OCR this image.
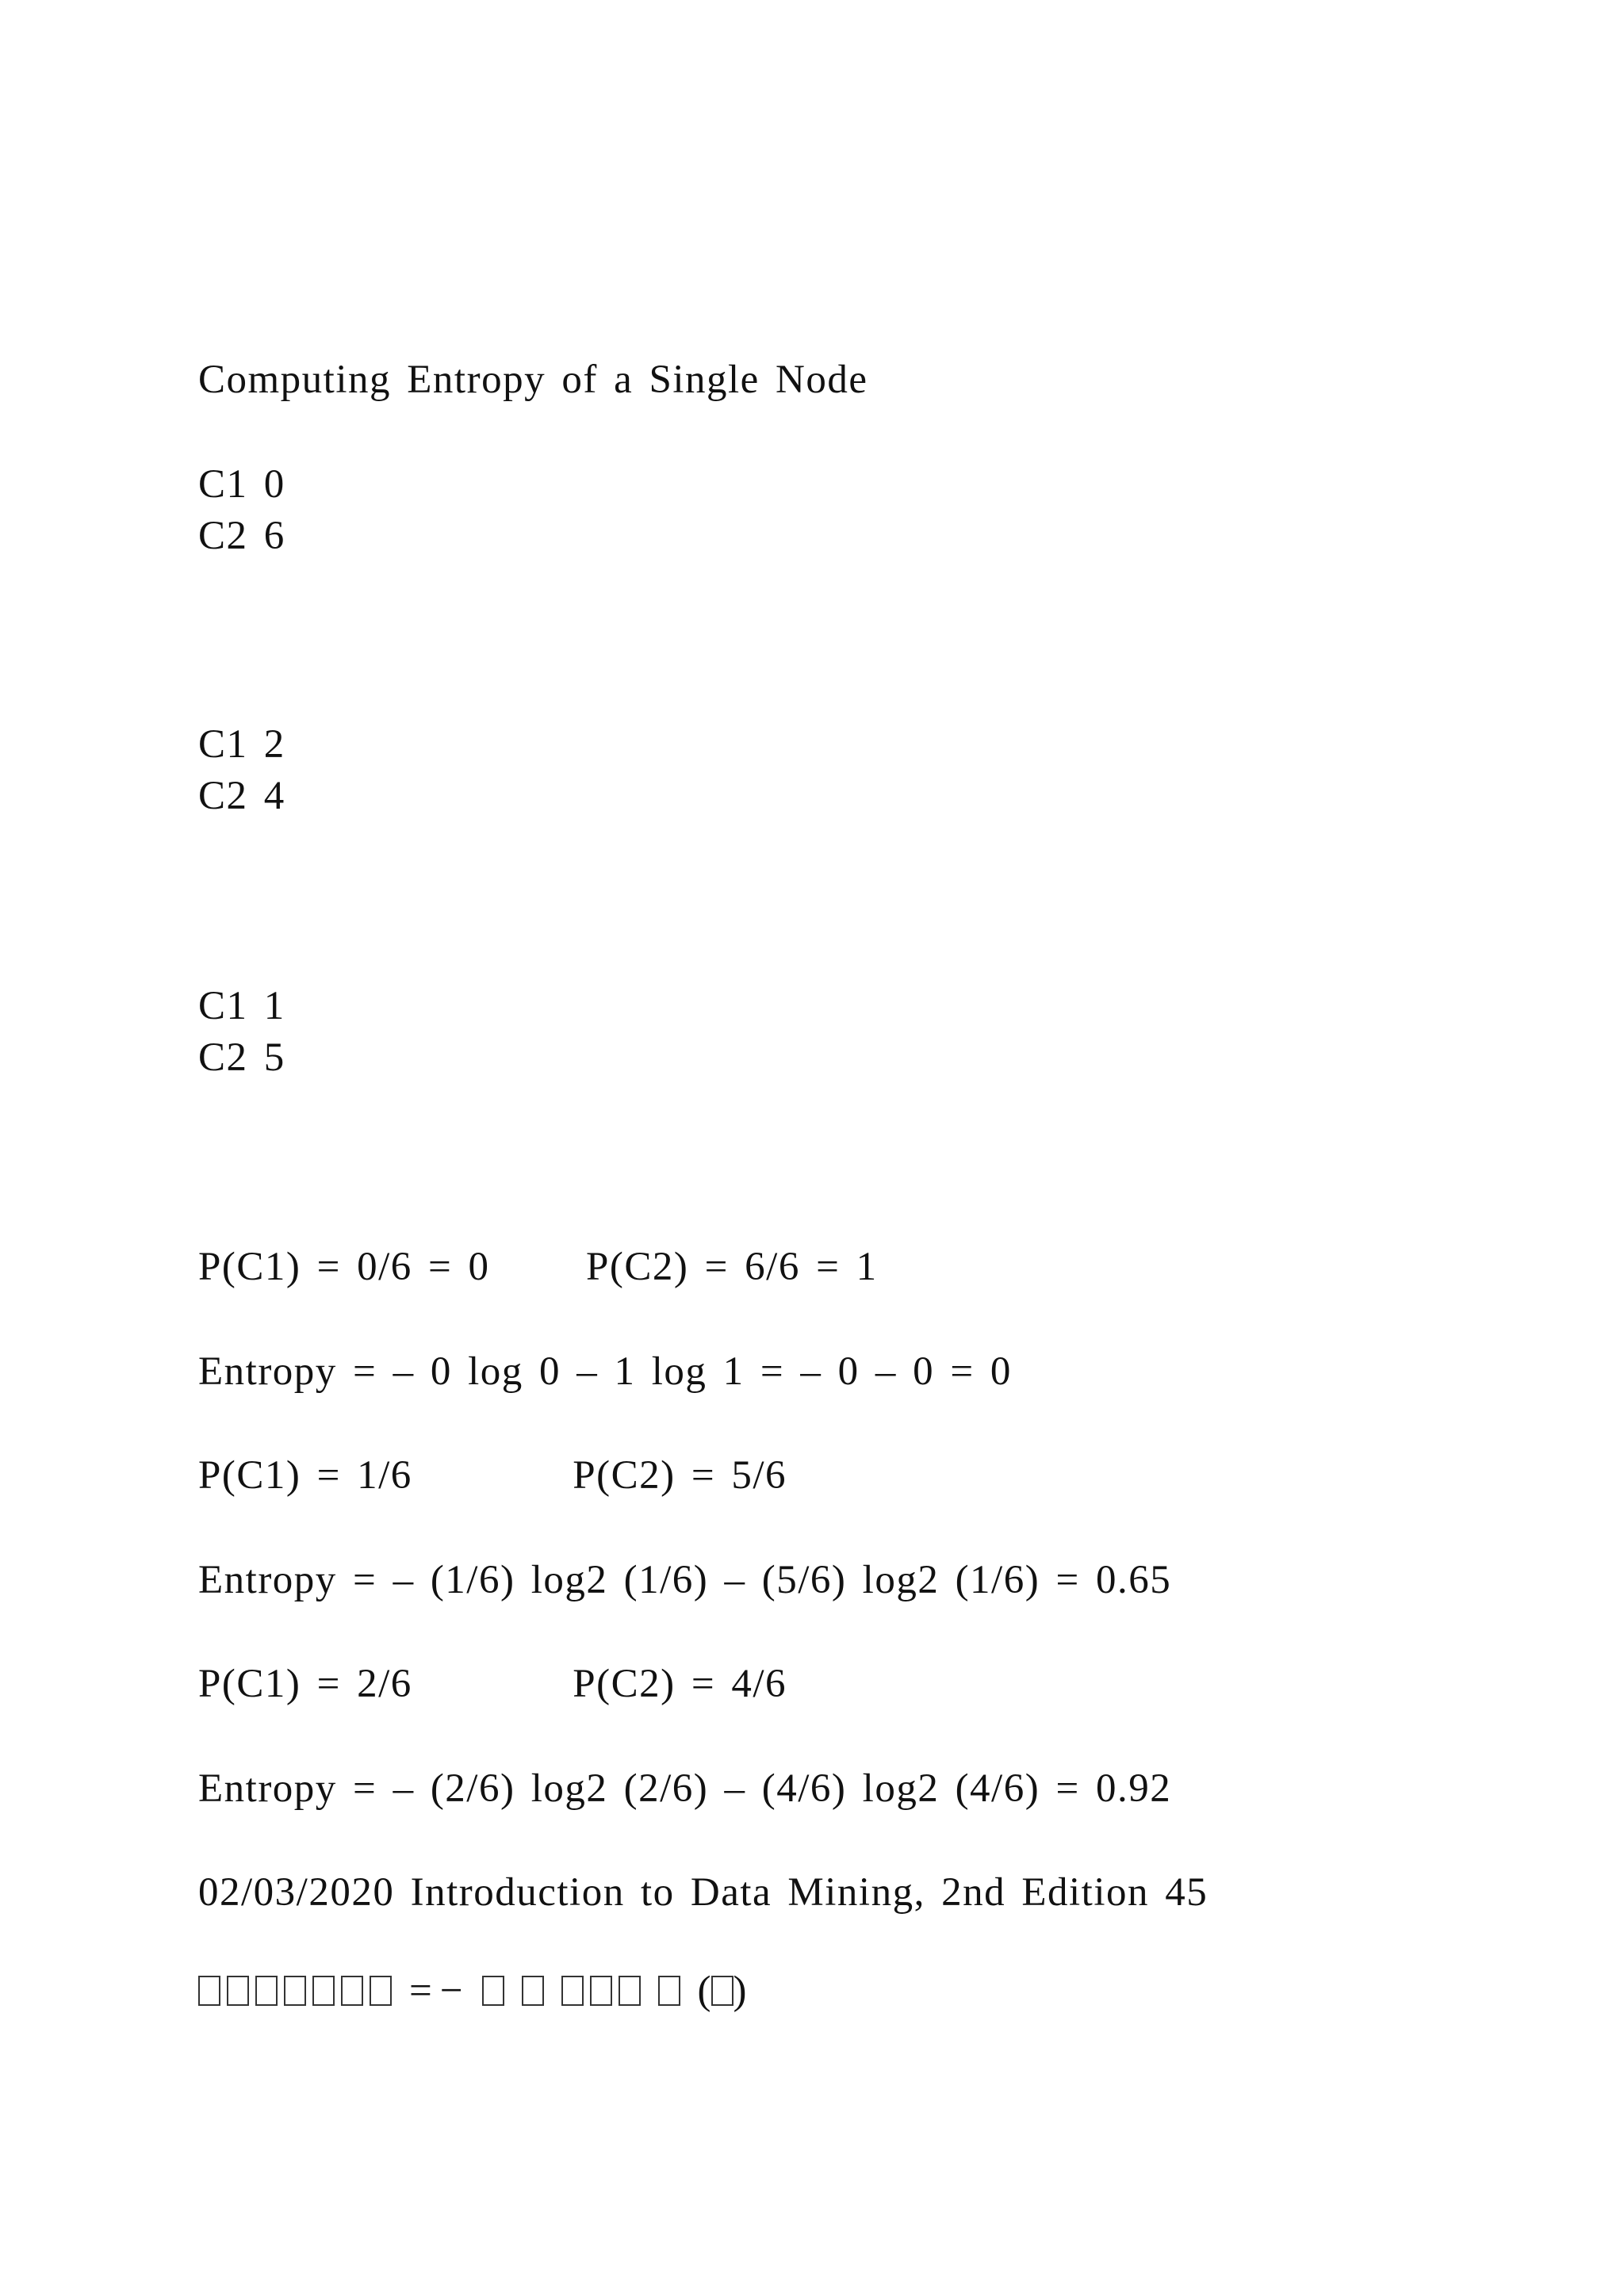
Computing Entropy of a Single Node
C1 0
C2 6
C1 2
C2 4
C1 1
C2 5
P(C1) = 0/6 = 0      P(C2) = 6/6 = 1
Entropy = – 0 log 0 – 1 log 1 = – 0 – 0 = 0
P(C1) = 1/6          P(C2) = 5/6
Entropy = – (1/6) log2 (1/6) – (5/6) log2 (1/6) = 0.65
P(C1) = 2/6          P(C2) = 4/6
Entropy = – (2/6) log2 (2/6) – (4/6) log2 (4/6) = 0.92
02/03/2020 Introduction to Data Mining, 2nd Edition 45
= −	( )
